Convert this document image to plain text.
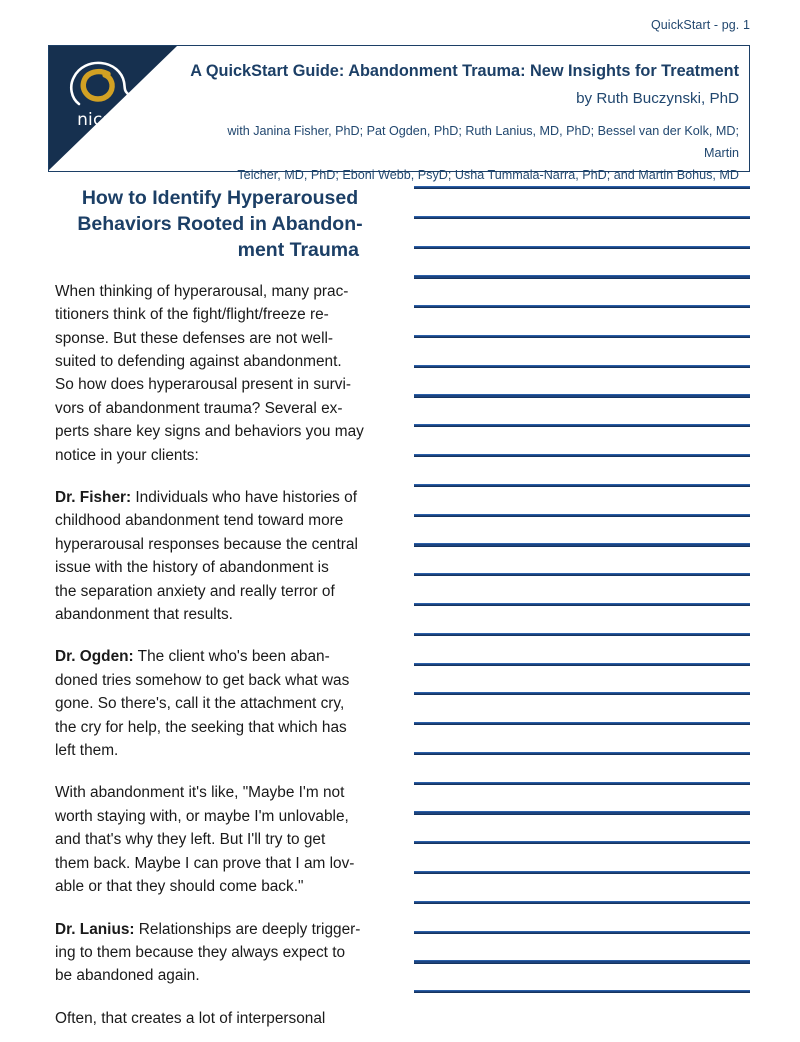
QuickStart - pg. 1
nicabm
A QuickStart Guide: Abandonment Trauma: New Insights for Treatment
by Ruth Buczynski, PhD
with Janina Fisher, PhD; Pat Ogden, PhD; Ruth Lanius, MD, PhD; Bessel van der Kolk, MD; Martin
Teicher, MD, PhD; Eboni Webb, PsyD; Usha Tummala-Narra, PhD; and Martin Bohus, MD
How to Identify Hyperaroused
Behaviors Rooted in Abandon-
ment Trauma

When thinking of hyperarousal, many prac-
titioners think of the fight/flight/freeze re-
sponse. But these defenses are not well-
suited to defending against abandonment.
So how does hyperarousal present in survi-
vors of abandonment trauma? Several ex-
perts share key signs and behaviors you may
notice in your clients:

Dr. Fisher: Individuals who have histories of
childhood abandonment tend toward more
hyperarousal responses because the central
issue with the history of abandonment is
the separation anxiety and really terror of
abandonment that results.

Dr. Ogden: The client who's been aban-
doned tries somehow to get back what was
gone. So there's, call it the attachment cry,
the cry for help, the seeking that which has
left them.

With abandonment it's like, "Maybe I'm not
worth staying with, or maybe I'm unlovable,
and that's why they left. But I'll try to get
them back. Maybe I can prove that I am lov-
able or that they should come back."

Dr. Lanius: Relationships are deeply trigger-
ing to them because they always expect to
be abandoned again.

Often, that creates a lot of interpersonal
